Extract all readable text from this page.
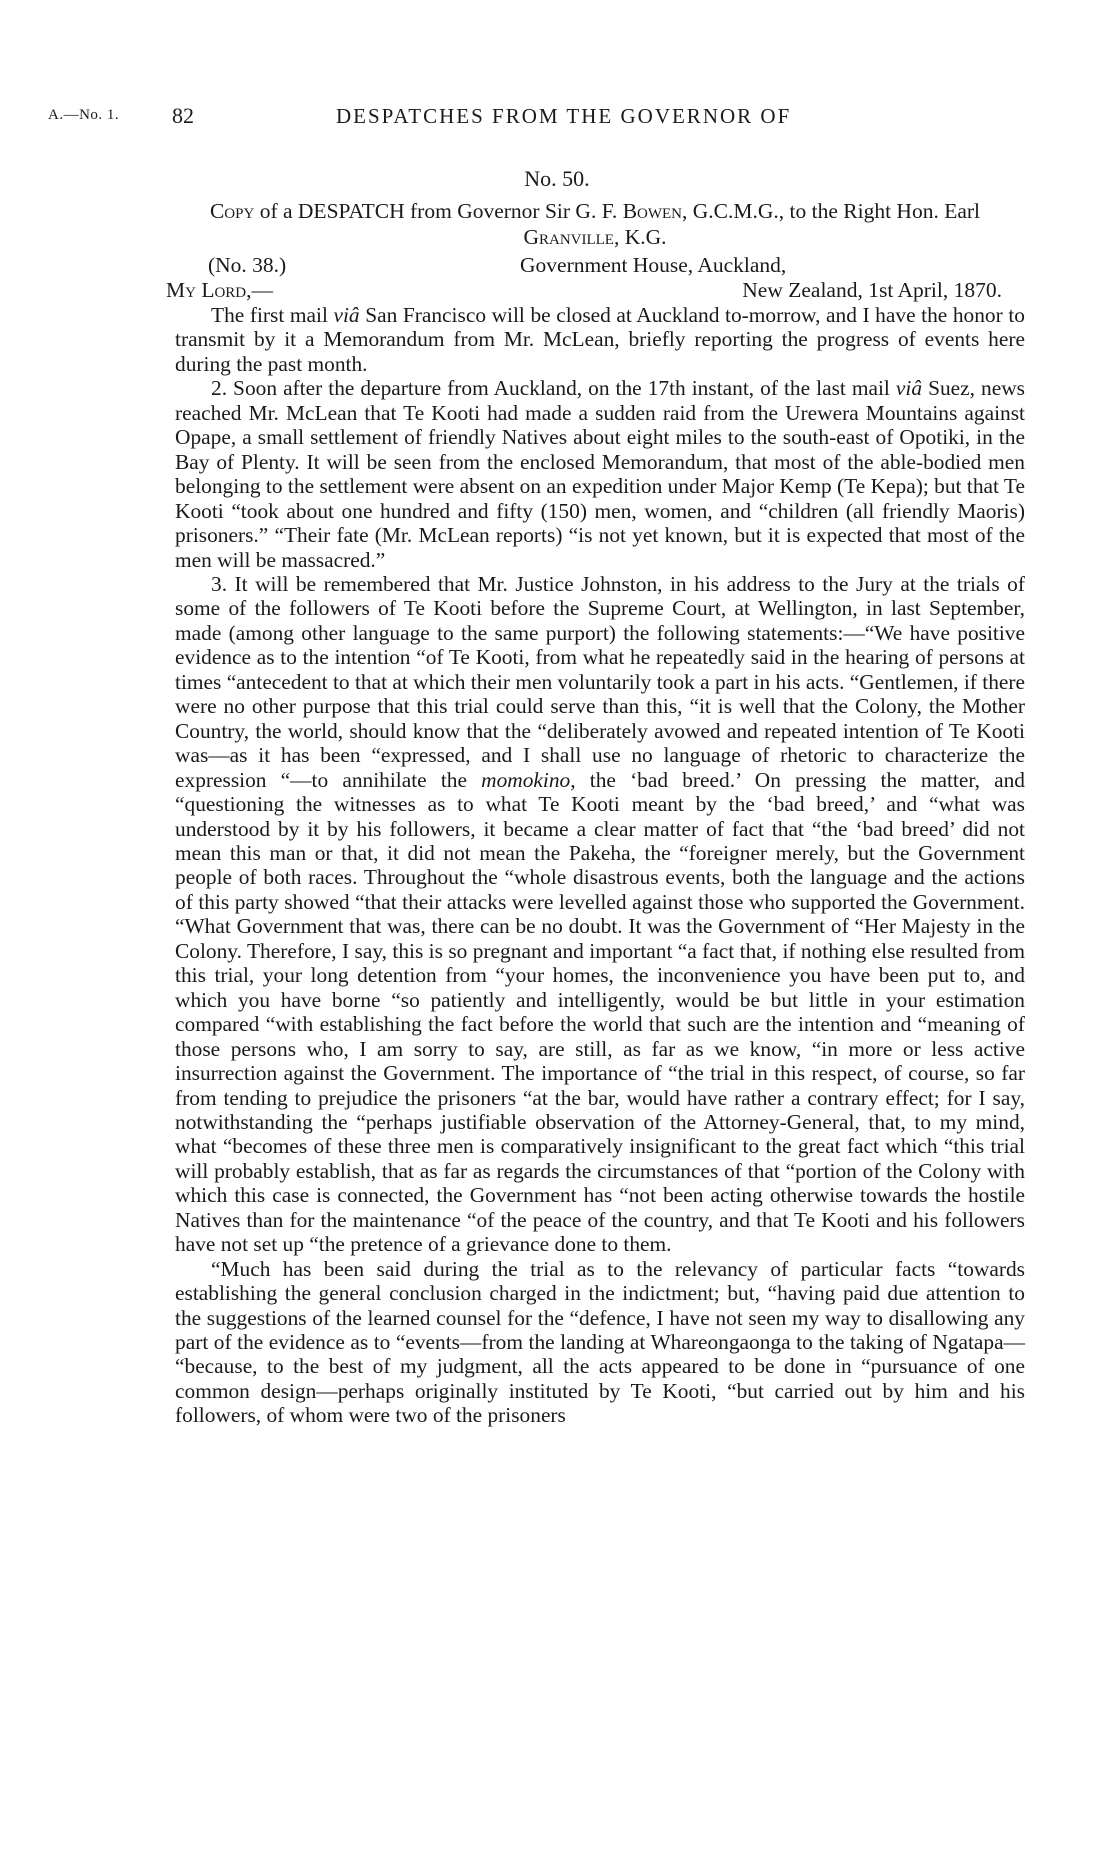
A.—No. 1. 82	DESPATCHES FROM THE GOVERNOR OF
No. 50.
Copy of a DESPATCH from Governor Sir G. F. Bowen, G.C.M.G., to the Right Hon. Earl Granville, K.G.
(No. 38.)	Government House, Auckland,
My Lord,—	New Zealand, 1st April, 1870.

The first mail viâ San Francisco will be closed at Auckland to-morrow, and I have the honor to transmit by it a Memorandum from Mr. McLean, briefly reporting the progress of events here during the past month.

2. Soon after the departure from Auckland, on the 17th instant, of the last mail viâ Suez, news reached Mr. McLean that Te Kooti had made a sudden raid from the Urewera Mountains against Opape, a small settlement of friendly Natives about eight miles to the south-east of Opotiki, in the Bay of Plenty. It will be seen from the enclosed Memorandum, that most of the able-bodied men belonging to the settlement were absent on an expedition under Major Kemp (Te Kepa); but that Te Kooti “took about one hundred and fifty (150) men, women, and “children (all friendly Maoris) prisoners.” “Their fate (Mr. McLean reports) “is not yet known, but it is expected that most of the men will be massacred.”

3. It will be remembered that Mr. Justice Johnston, in his address to the Jury at the trials of some of the followers of Te Kooti before the Supreme Court, at Wellington, in last September, made (among other language to the same purport) the following statements:—“We have positive evidence as to the intention “of Te Kooti, from what he repeatedly said in the hearing of persons at times “antecedent to that at which their men voluntarily took a part in his acts. “Gentlemen, if there were no other purpose that this trial could serve than this, “it is well that the Colony, the Mother Country, the world, should know that the “deliberately avowed and repeated intention of Te Kooti was—as it has been “expressed, and I shall use no language of rhetoric to characterize the expression “—to annihilate the momokino, the ‘bad breed.’ On pressing the matter, and “questioning the witnesses as to what Te Kooti meant by the ‘bad breed,’ and “what was understood by it by his followers, it became a clear matter of fact that “the ‘bad breed’ did not mean this man or that, it did not mean the Pakeha, the “foreigner merely, but the Government people of both races. Throughout the “whole disastrous events, both the language and the actions of this party showed “that their attacks were levelled against those who supported the Government. “What Government that was, there can be no doubt. It was the Government of “Her Majesty in the Colony. Therefore, I say, this is so pregnant and important “a fact that, if nothing else resulted from this trial, your long detention from “your homes, the inconvenience you have been put to, and which you have borne “so patiently and intelligently, would be but little in your estimation compared “with establishing the fact before the world that such are the intention and “meaning of those persons who, I am sorry to say, are still, as far as we know, “in more or less active insurrection against the Government. The importance of “the trial in this respect, of course, so far from tending to prejudice the prisoners “at the bar, would have rather a contrary effect; for I say, notwithstanding the “perhaps justifiable observation of the Attorney-General, that, to my mind, what “becomes of these three men is comparatively insignificant to the great fact which “this trial will probably establish, that as far as regards the circumstances of that “portion of the Colony with which this case is connected, the Government has “not been acting otherwise towards the hostile Natives than for the maintenance “of the peace of the country, and that Te Kooti and his followers have not set up “the pretence of a grievance done to them.

“Much has been said during the trial as to the relevancy of particular facts “towards establishing the general conclusion charged in the indictment; but, “having paid due attention to the suggestions of the learned counsel for the “defence, I have not seen my way to disallowing any part of the evidence as to “events—from the landing at Whareongaonga to the taking of Ngatapa— “because, to the best of my judgment, all the acts appeared to be done in “pursuance of one common design—perhaps originally instituted by Te Kooti, “but carried out by him and his followers, of whom were two of the prisoners
